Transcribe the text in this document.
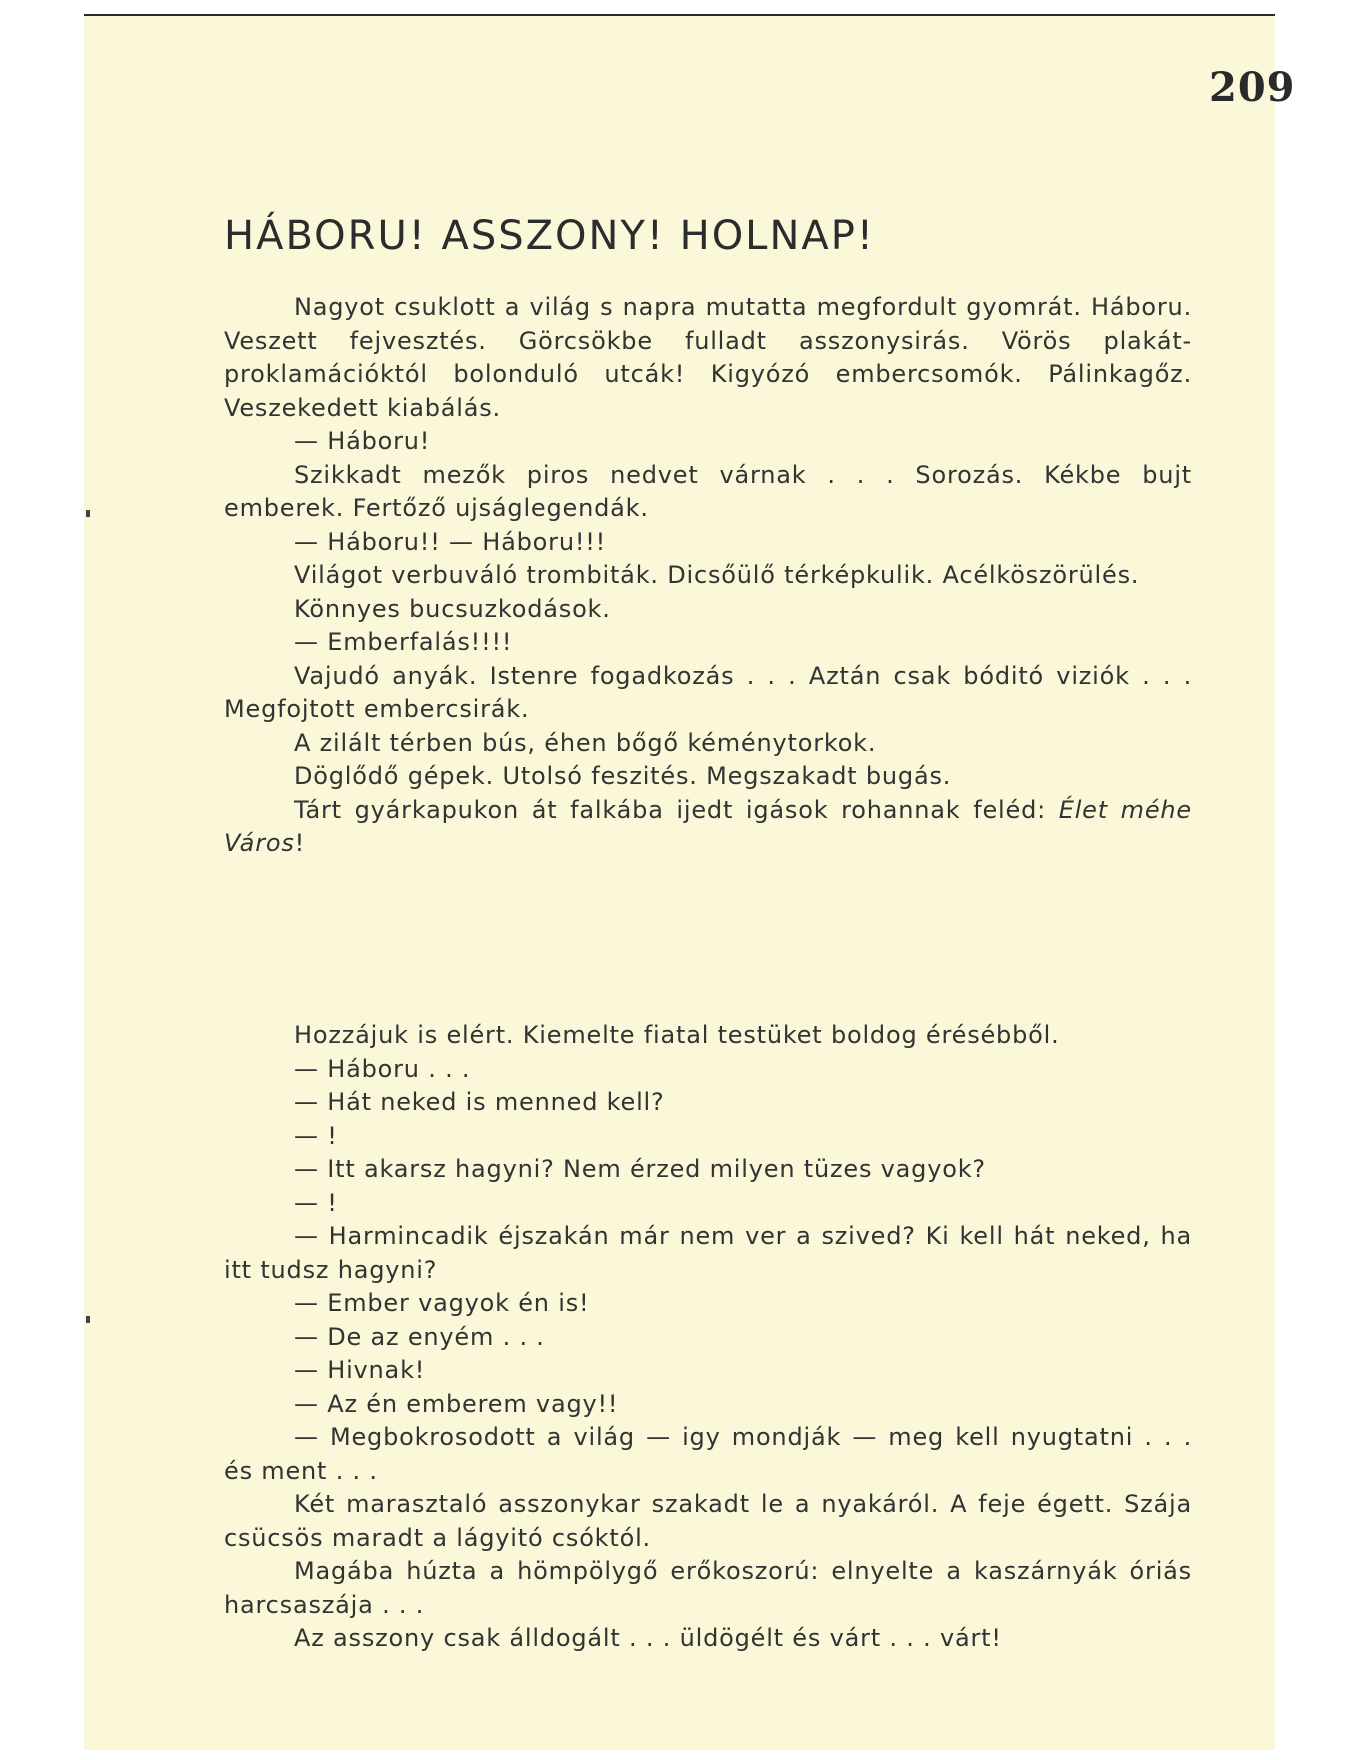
209
HÁBORU! ASSZONY! HOLNAP!

Nagyot csuklott a világ s napra mutatta megfordult gyomrát. Háboru. Veszett fejvesztés. Görcsökbe fulladt asszonysirás. Vörös plakát-proklamációktól bolonduló utcák! Kigyózó embercsomók. Pálinkagőz. Veszekedett kiabálás.

— Háboru!

Szikkadt mezők piros nedvet várnak . . . Sorozás. Kékbe bujt emberek. Fertőző ujságlegendák.

— Háboru!! — Háboru!!!

Világot verbuváló trombiták. Dicsőülő térképkulik. Acélköszörülés.

Könnyes bucsuzkodások.

— Emberfalás!!!!

Vajudó anyák. Istenre fogadkozás . . . Aztán csak bóditó viziók . . . Megfojtott embercsirák.

A zilált térben bús, éhen bőgő kéménytorkok.

Döglődő gépek. Utolsó feszités. Megszakadt bugás.

Tárt gyárkapukon át falkába ijedt igások rohannak feléd: Élet méhe Város!

Hozzájuk is elért. Kiemelte fiatal testüket boldog érésébből.

— Háboru . . .

— Hát neked is menned kell?

— !

— Itt akarsz hagyni? Nem érzed milyen tüzes vagyok?

— !

— Harmincadik éjszakán már nem ver a szived? Ki kell hát neked, ha itt tudsz hagyni?

— Ember vagyok én is!

— De az enyém . . .

— Hivnak!

— Az én emberem vagy!!

— Megbokrosodott a világ — igy mondják — meg kell nyugtatni . . . és ment . . .

Két marasztaló asszonykar szakadt le a nyakáról. A feje égett. Szája csücsös maradt a lágyitó csóktól.

Magába húzta a hömpölygő erőkoszorú: elnyelte a kaszárnyák óriás harcsaszája . . .

Az asszony csak álldogált . . . üldögélt és várt . . . várt!
